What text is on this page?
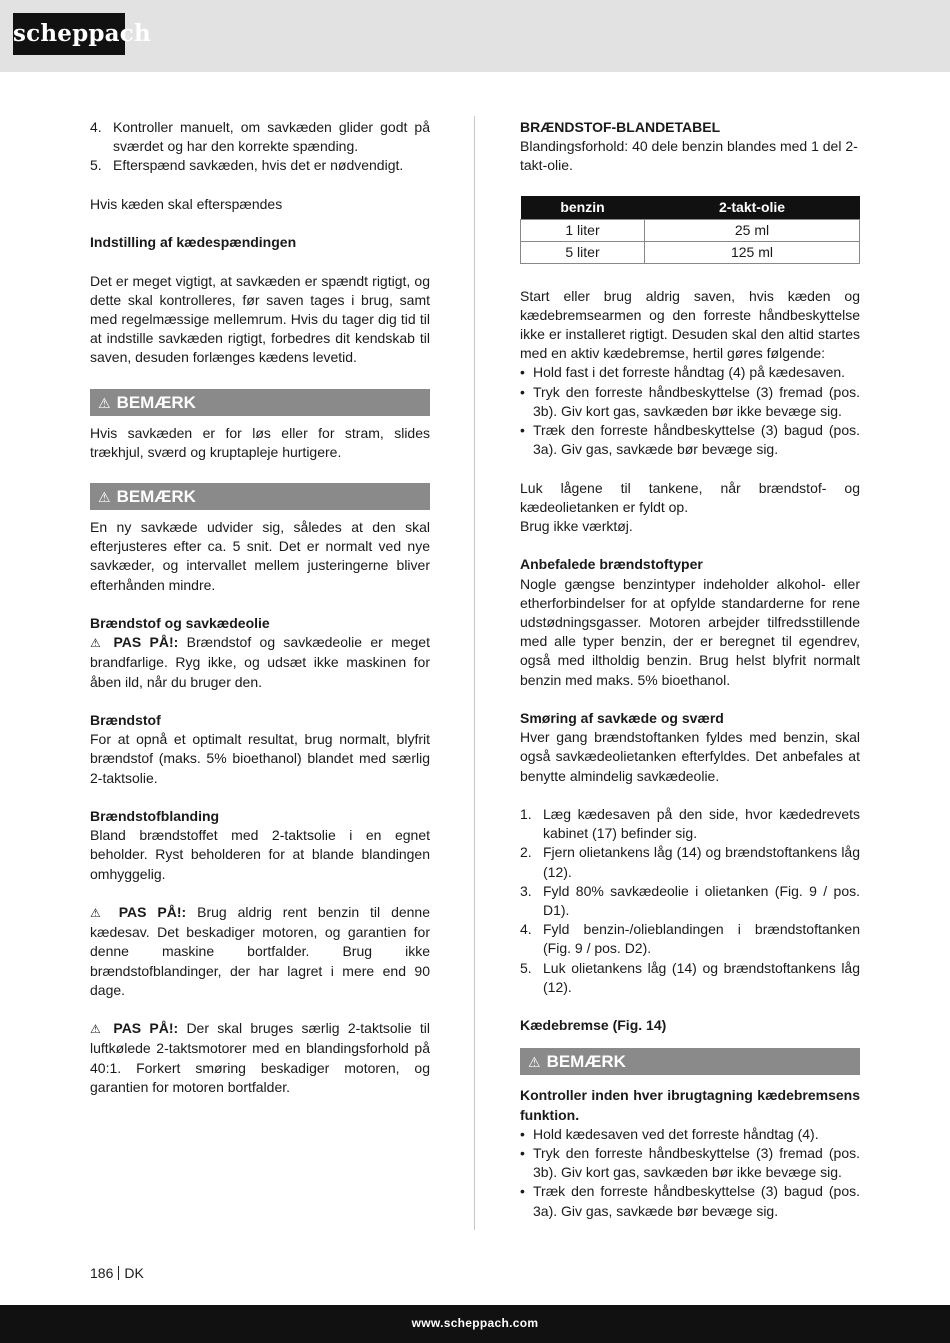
scheppach
4. Kontroller manuelt, om savkæden glider godt på sværdet og har den korrekte spænding.
5. Efterspænd savkæden, hvis det er nødvendigt.

Hvis kæden skal efterspændes

Indstilling af kædespændingen

Det er meget vigtigt, at savkæden er spændt rigtigt, og dette skal kontrolleres, før saven tages i brug, samt med regelmæssige mellemrum. Hvis du tager dig tid til at indstille savkæden rigtigt, forbedres dit kendskab til saven, desuden forlænges kædens levetid.

⚠ BEMÆRK

Hvis savkæden er for løs eller for stram, slides trækhjul, sværd og kruptapleje hurtigere.

⚠ BEMÆRK

En ny savkæde udvider sig, således at den skal efterjusteres efter ca. 5 snit. Det er normalt ved nye savkæder, og intervallet mellem justeringerne bliver efterhånden mindre.

Brændstof og savkædeolie

⚠ PAS PÅ!: Brændstof og savkædeolie er meget brandfarlige. Ryg ikke, og udsæt ikke maskinen for åben ild, når du bruger den.

Brændstof

For at opnå et optimalt resultat, brug normalt, blyfrit brændstof (maks. 5% bioethanol) blandet med særlig 2-taktsolie.

Brændstofblanding

Bland brændstoffet med 2-taktsolie i en egnet beholder. Ryst beholderen for at blande blandingen omhyggelig.

⚠ PAS PÅ!: Brug aldrig rent benzin til denne kædesav. Det beskadiger motoren, og garantien for denne maskine bortfalder. Brug ikke brændstofblandinger, der har lagret i mere end 90 dage.

⚠ PAS PÅ!: Der skal bruges særlig 2-taktsolie til luftkølede 2-taktsmotorer med en blandingsforhold på 40:1. Forkert smøring beskadiger motoren, og garantien for motoren bortfalder.

BRÆNDSTOF-BLANDETABEL

Blandingsforhold: 40 dele benzin blandes med 1 del 2-takt-olie.

benzin	2-takt-olie
1 liter	25 ml
5 liter	125 ml

Start eller brug aldrig saven, hvis kæden og kædebremsearmen og den forreste håndbeskyttelse ikke er installeret rigtigt. Desuden skal den altid startes med en aktiv kædebremse, hertil gøres følgende:

• Hold fast i det forreste håndtag (4) på kædesaven.
• Tryk den forreste håndbeskyttelse (3) fremad (pos. 3b). Giv kort gas, savkæden bør ikke bevæge sig.
• Træk den forreste håndbeskyttelse (3) bagud (pos. 3a). Giv gas, savkæde bør bevæge sig.

Luk lågene til tankene, når brændstof- og kædeolietanken er fyldt op.

Brug ikke værktøj.

Anbefalede brændstoftyper

Nogle gængse benzintyper indeholder alkohol- eller etherforbindelser for at opfylde standarderne for rene udstødningsgasser. Motoren arbejder tilfredsstillende med alle typer benzin, der er beregnet til egendrev, også med iltholdig benzin. Brug helst blyfrit normalt benzin med maks. 5% bioethanol.

Smøring af savkæde og sværd

Hver gang brændstoftanken fyldes med benzin, skal også savkædeolietanken efterfyldes. Det anbefales at benytte almindelig savkædeolie.

1. Læg kædesaven på den side, hvor kædedrevets kabinet (17) befinder sig.
2. Fjern olietankens låg (14) og brændstoftankens låg (12).
3. Fyld 80% savkædeolie i olietanken (Fig. 9 / pos. D1).
4. Fyld benzin-/olieblandingen i brændstoftanken (Fig. 9 / pos. D2).
5. Luk olietankens låg (14) og brændstoftankens låg (12).

Kædebremse (Fig. 14)

⚠ BEMÆRK

Kontroller inden hver ibrugtagning kædebremsens funktion.

• Hold kædesaven ved det forreste håndtag (4).
• Tryk den forreste håndbeskyttelse (3) fremad (pos. 3b). Giv kort gas, savkæden bør ikke bevæge sig.
• Træk den forreste håndbeskyttelse (3) bagud (pos. 3a). Giv gas, savkæde bør bevæge sig.
186 DK
www.scheppach.com
